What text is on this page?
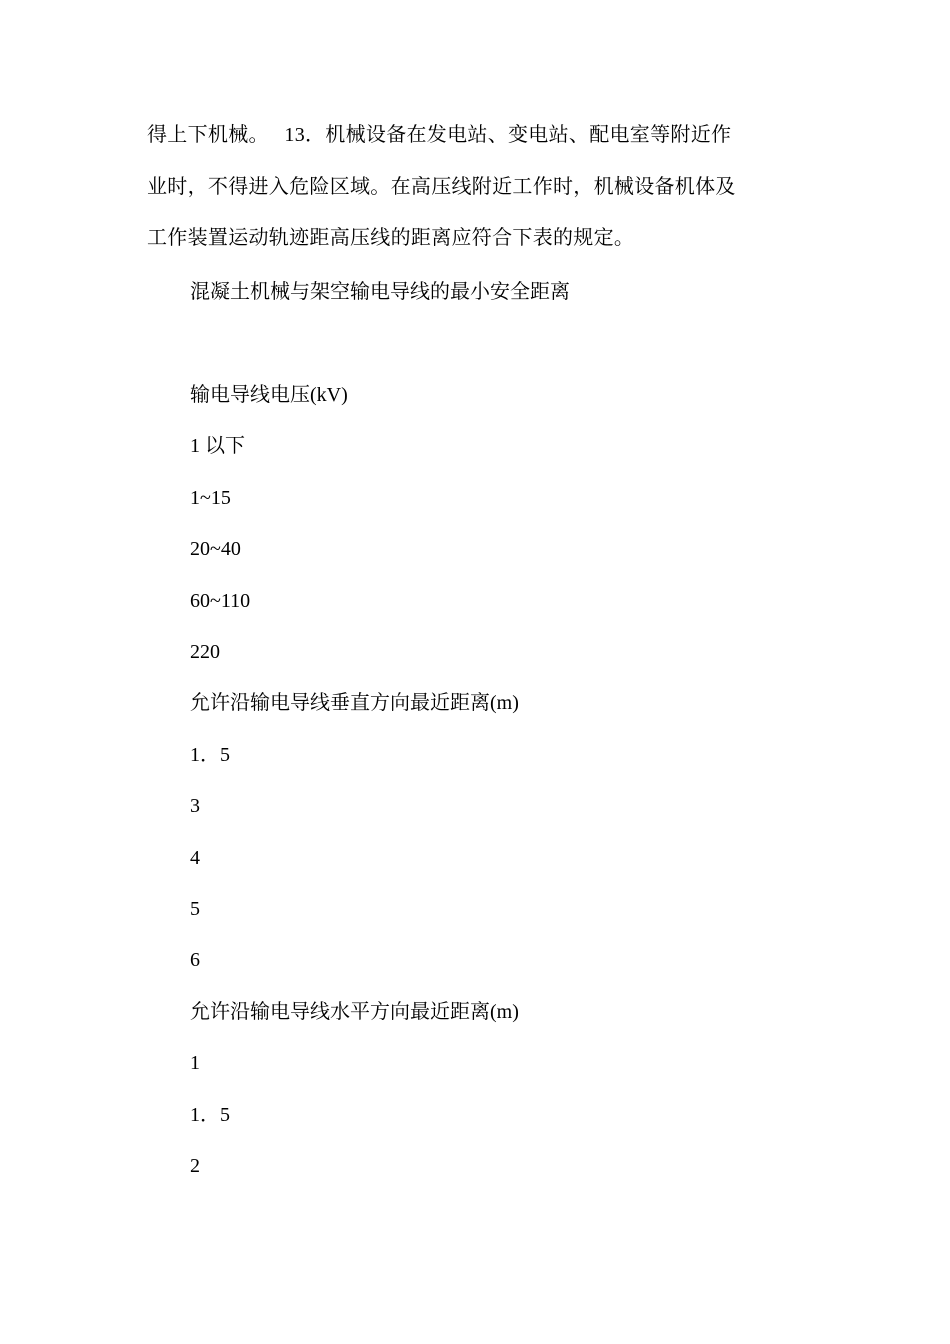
得上下机械。　 13．机械设备在发电站、变电站、配电室等附近作
业时，不得进入危险区域。在高压线附近工作时，机械设备机体及
工作装置运动轨迹距高压线的距离应符合下表的规定。

混凝土机械与架空输电导线的最小安全距离

输电导线电压(kV)

1 以下

1~15

20~40

60~110

220

允许沿输电导线垂直方向最近距离(m)

1．5

3

4

5

6

允许沿输电导线水平方向最近距离(m)

1

1．5

2
